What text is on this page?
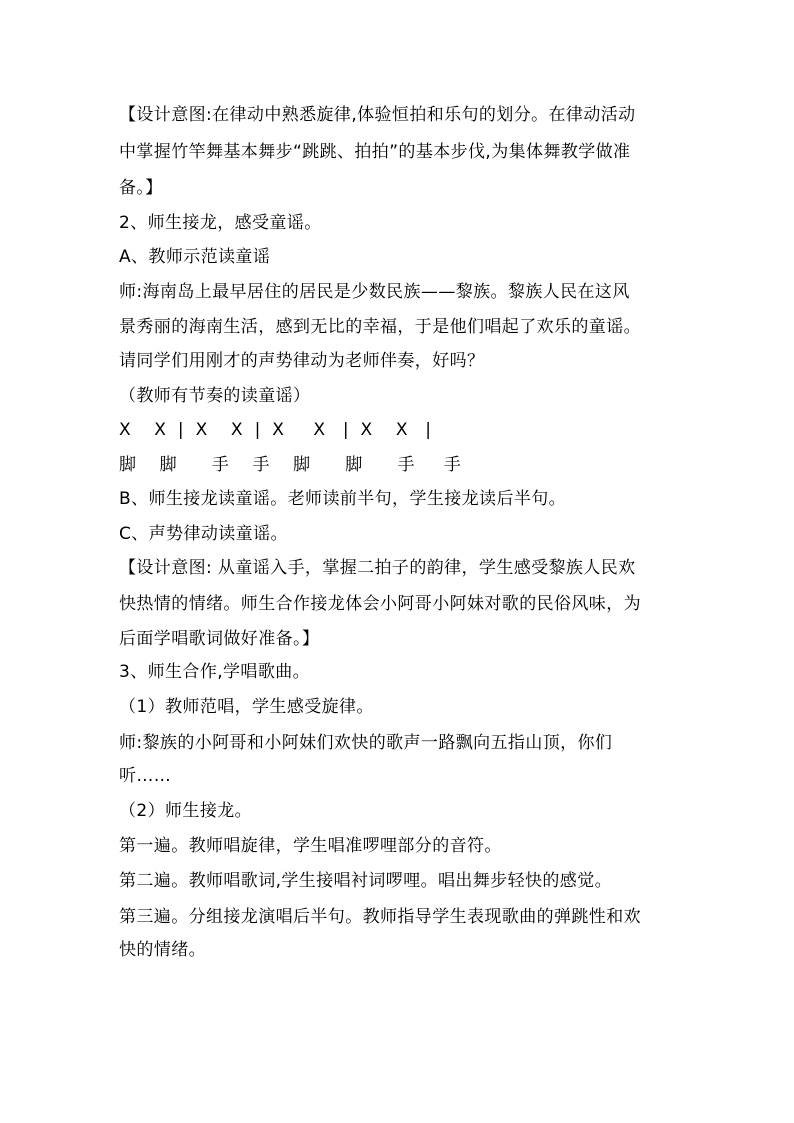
【设计意图:在律动中熟悉旋律,体验恒拍和乐句的划分。在律动活动
中掌握竹竿舞基本舞步“跳跳、拍拍”的基本步伐,为集体舞教学做准
备。】
2、师生接龙，感受童谣。
A、教师示范读童谣
师:海南岛上最早居住的居民是少数民族——黎族。黎族人民在这风
景秀丽的海南生活，感到无比的幸福，于是他们唱起了欢乐的童谣。
请同学们用刚才的声势律动为老师伴奏，好吗？
（教师有节奏的读童谣）
X    X  |  X    X  |  X     X   |  X    X   |
脚    脚      手    手    脚      脚      手     手
B、师生接龙读童谣。老师读前半句，学生接龙读后半句。
C、声势律动读童谣。
【设计意图: 从童谣入手，掌握二拍子的韵律，学生感受黎族人民欢
快热情的情绪。师生合作接龙体会小阿哥小阿妹对歌的民俗风味，为
后面学唱歌词做好准备。】
3、师生合作,学唱歌曲。
（1）教师范唱，学生感受旋律。
师:黎族的小阿哥和小阿妹们欢快的歌声一路飘向五指山顶，你们
听……
（2）师生接龙。
第一遍。教师唱旋律，学生唱准啰哩部分的音符。
第二遍。教师唱歌词,学生接唱衬词啰哩。唱出舞步轻快的感觉。
第三遍。分组接龙演唱后半句。教师指导学生表现歌曲的弹跳性和欢
快的情绪。
